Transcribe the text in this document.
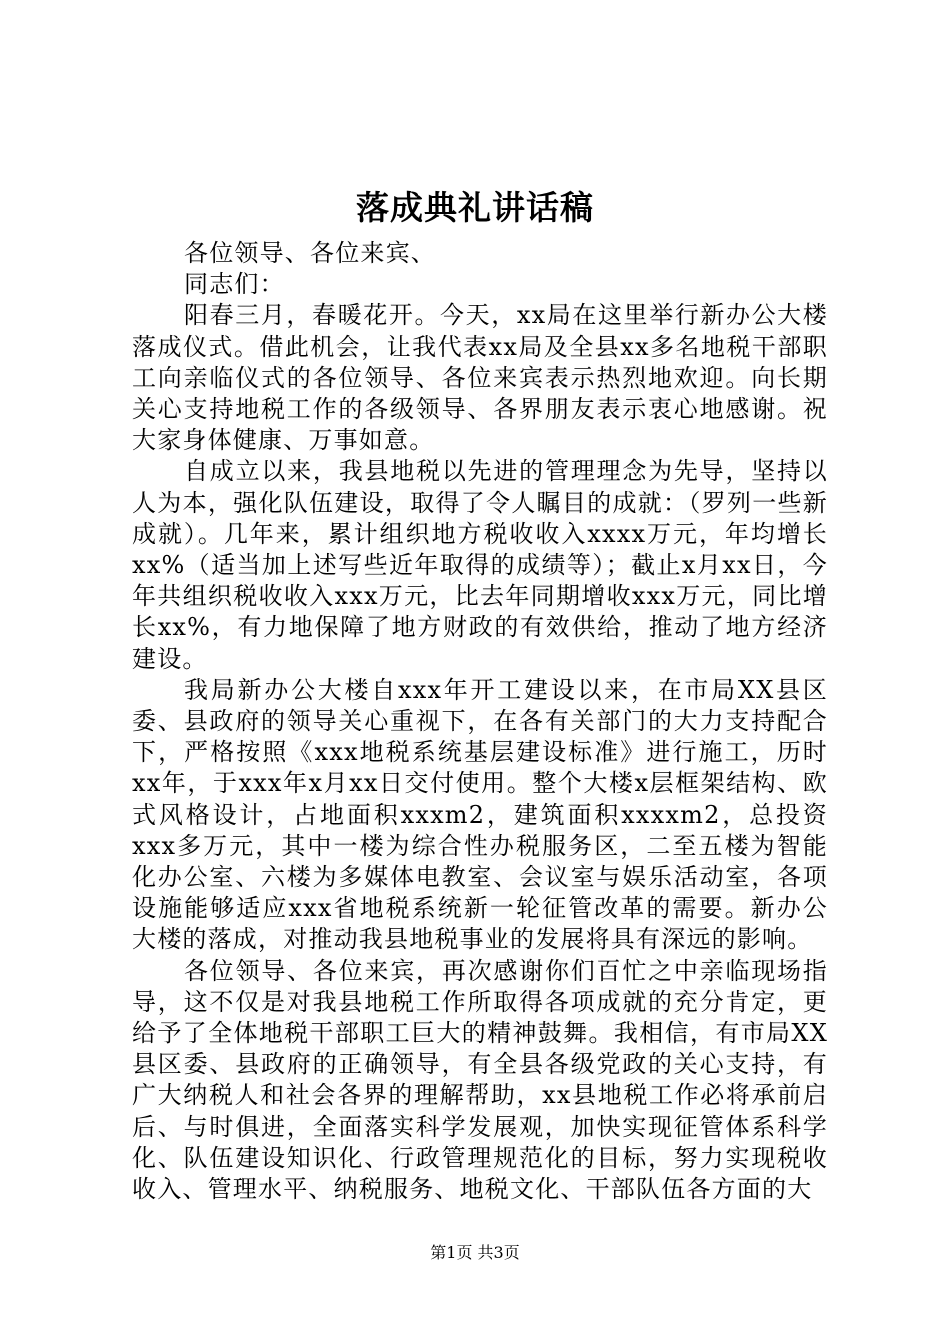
落成典礼讲话稿

各位领导、各位来宾、

同志们：

阳春三月，春暖花开。今天，xx局在这里举行新办公大楼落成仪式。借此机会，让我代表xx局及全县xx多名地税干部职工向亲临仪式的各位领导、各位来宾表示热烈地欢迎。向长期关心支持地税工作的各级领导、各界朋友表示衷心地感谢。祝大家身体健康、万事如意。

自成立以来，我县地税以先进的管理理念为先导，坚持以人为本，强化队伍建设，取得了令人瞩目的成就：（罗列一些新成就）。几年来，累计组织地方税收收入xxxx万元，年均增长xx%（适当加上述写些近年取得的成绩等）；截止x月xx日，今年共组织税收收入xxx万元，比去年同期增收xxx万元，同比增长xx%，有力地保障了地方财政的有效供给，推动了地方经济建设。

我局新办公大楼自xxx年开工建设以来，在市局XX县区委、县政府的领导关心重视下，在各有关部门的大力支持配合下，严格按照《xxx地税系统基层建设标准》进行施工，历时xx年，于xxx年x月xx日交付使用。整个大楼x层框架结构、欧式风格设计，占地面积xxxm2，建筑面积xxxxm2，总投资xxx多万元，其中一楼为综合性办税服务区，二至五楼为智能化办公室、六楼为多媒体电教室、会议室与娱乐活动室，各项设施能够适应xxx省地税系统新一轮征管改革的需要。新办公大楼的落成，对推动我县地税事业的发展将具有深远的影响。

各位领导、各位来宾，再次感谢你们百忙之中亲临现场指导，这不仅是对我县地税工作所取得各项成就的充分肯定，更给予了全体地税干部职工巨大的精神鼓舞。我相信，有市局XX县区委、县政府的正确领导，有全县各级党政的关心支持，有广大纳税人和社会各界的理解帮助，xx县地税工作必将承前启后、与时俱进，全面落实科学发展观，加快实现征管体系科学化、队伍建设知识化、行政管理规范化的目标，努力实现税收收入、管理水平、纳税服务、地税文化、干部队伍各方面的大

第1页 共3页
